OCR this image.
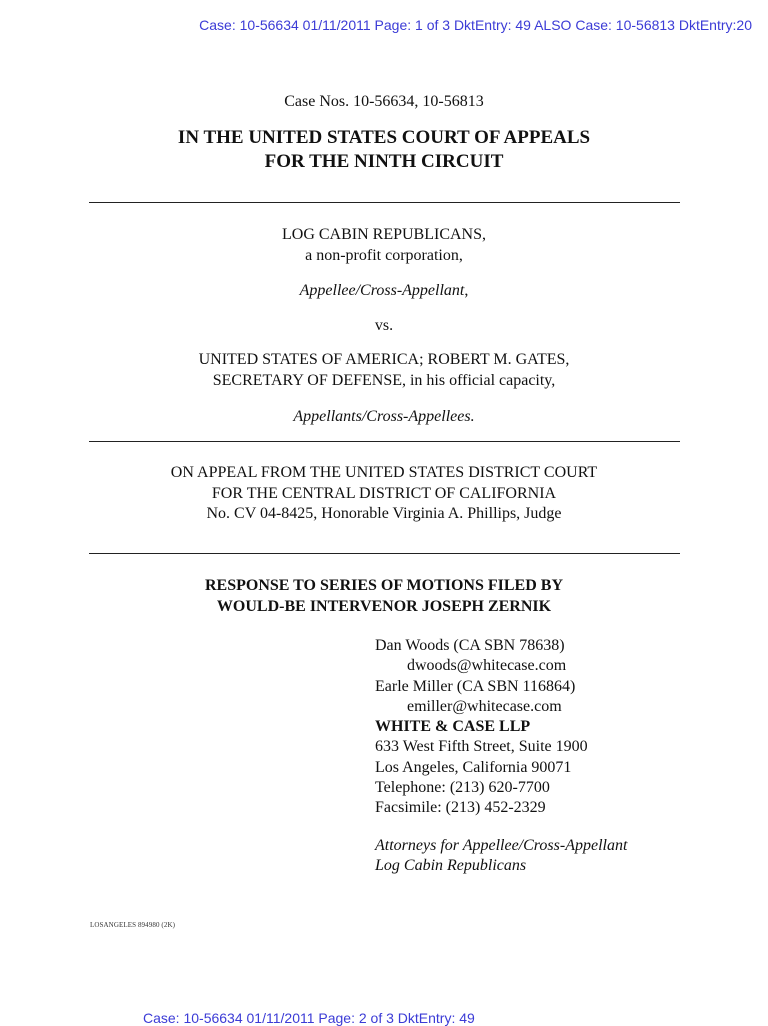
Case: 10-56634 01/11/2011 Page: 1 of 3 DktEntry: 49 ALSO Case: 10-56813 DktEntry:20
Case Nos. 10-56634, 10-56813
IN THE UNITED STATES COURT OF APPEALS
FOR THE NINTH CIRCUIT
LOG CABIN REPUBLICANS,
a non-profit corporation,
Appellee/Cross-Appellant,
vs.
UNITED STATES OF AMERICA; ROBERT M. GATES,
SECRETARY OF DEFENSE, in his official capacity,
Appellants/Cross-Appellees.
ON APPEAL FROM THE UNITED STATES DISTRICT COURT
FOR THE CENTRAL DISTRICT OF CALIFORNIA
No. CV 04-8425, Honorable Virginia A. Phillips, Judge
RESPONSE TO SERIES OF MOTIONS FILED BY
WOULD-BE INTERVENOR JOSEPH ZERNIK
Dan Woods (CA SBN 78638)
dwoods@whitecase.com
Earle Miller (CA SBN 116864)
emiller@whitecase.com
WHITE & CASE LLP
633 West Fifth Street, Suite 1900
Los Angeles, California 90071
Telephone: (213) 620-7700
Facsimile: (213) 452-2329
Attorneys for Appellee/Cross-Appellant
Log Cabin Republicans
LOSANGELES 894980 (2K)
Case: 10-56634 01/11/2011 Page: 2 of 3 DktEntry: 49
